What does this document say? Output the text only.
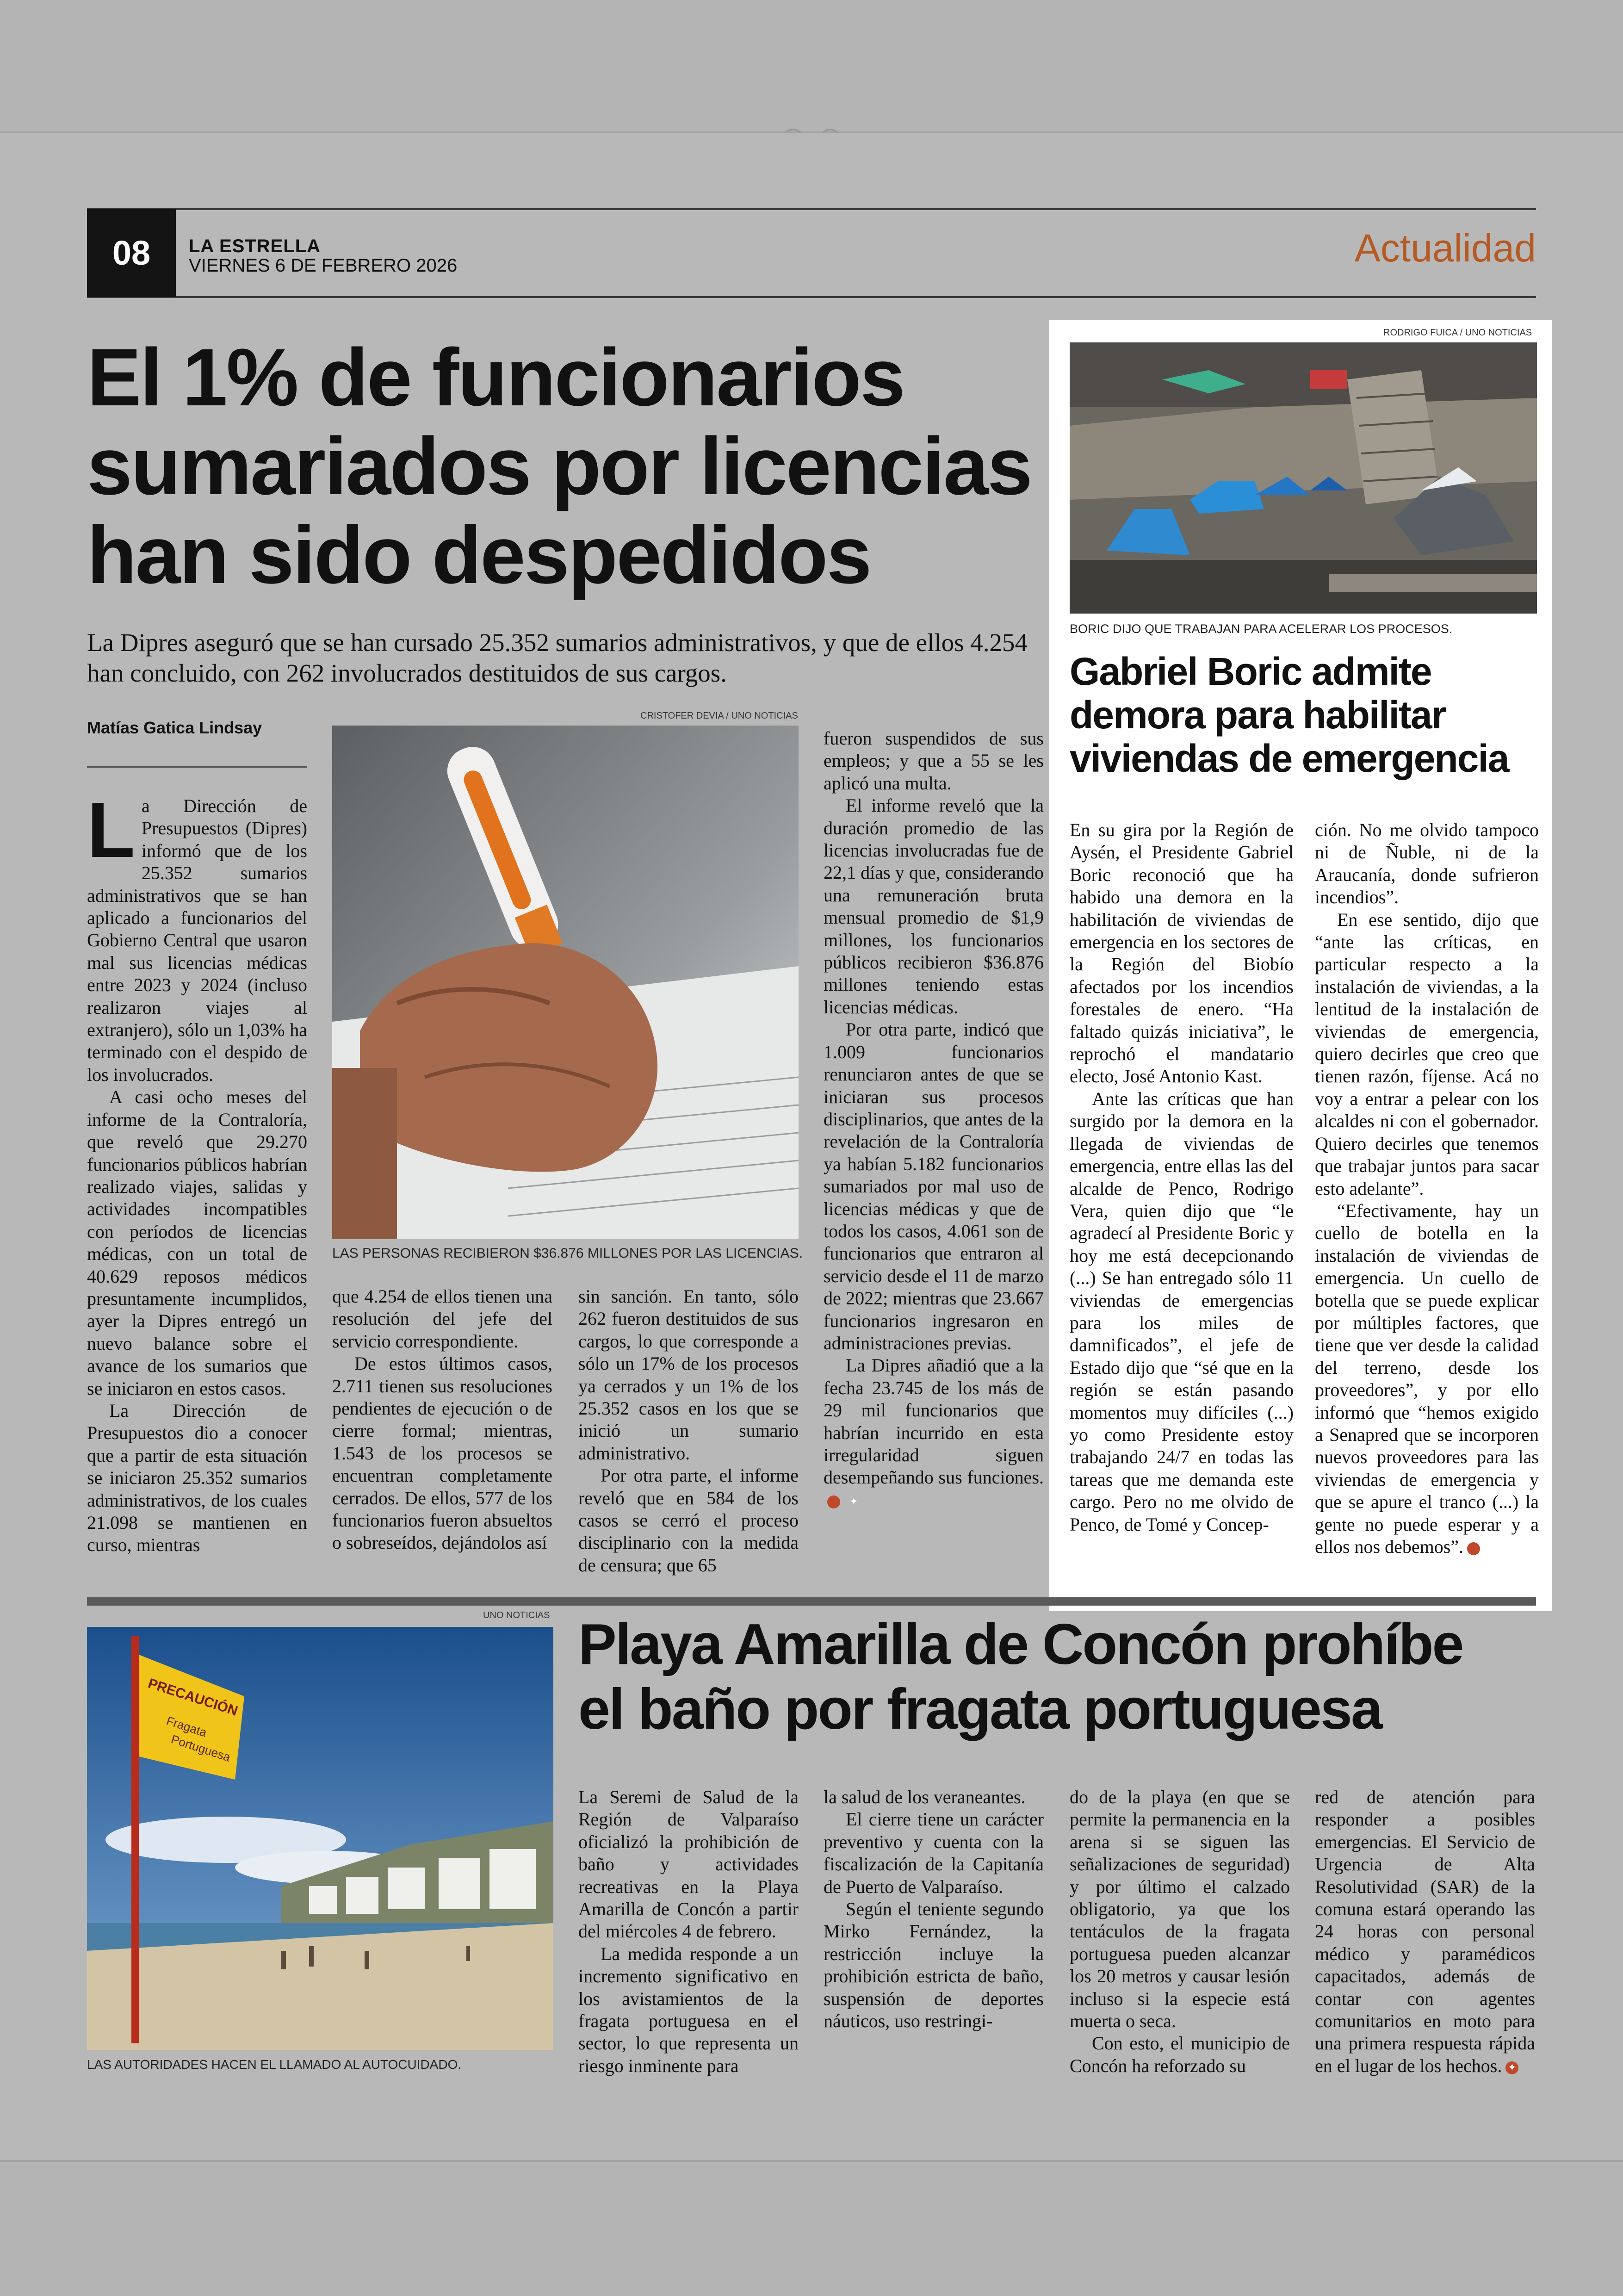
08	LA ESTRELLA
VIERNES 6 DE FEBRERO 2026	Actualidad
El 1% de funcionarios
sumariados por licencias
han sido despedidos
La Dipres aseguró que se han cursado 25.352 sumarios administrativos, y que de ellos 4.254 han concluido, con 262 involucrados destituidos de sus cargos.
Matías Gatica Lindsay
L a Dirección de Presupuestos (Dipres) informó que de los 25.352 sumarios administrativos que se han aplicado a funcionarios del Gobierno Central que usaron mal sus licencias médicas entre 2023 y 2024 (incluso realizaron viajes al extranjero), sólo un 1,03% ha terminado con el despido de los involucrados.

A casi ocho meses del informe de la Contraloría, que reveló que 29.270 funcionarios públicos habrían realizado viajes, salidas y actividades incompatibles con períodos de licencias médicas, con un total de 40.629 reposos médicos presuntamente incumplidos, ayer la Dipres entregó un nuevo balance sobre el avance de los sumarios que se iniciaron en estos casos.

La Dirección de Presupuestos dio a conocer que a partir de esta situación se iniciaron 25.352 sumarios administrativos, de los cuales 21.098 se mantienen en curso, mientras

CRISTOFER DEVIA / UNO NOTICIAS
LAS PERSONAS RECIBIERON $36.876 MILLONES POR LAS LICENCIAS.

que 4.254 de ellos tienen una resolución del jefe del servicio correspondiente.

De estos últimos casos, 2.711 tienen sus resoluciones pendientes de ejecución o de cierre formal; mientras, 1.543 de los procesos se encuentran completamente cerrados. De ellos, 577 de los funcionarios fueron absueltos o sobreseídos, dejándolos así

sin sanción. En tanto, sólo 262 fueron destituidos de sus cargos, lo que corresponde a sólo un 17% de los procesos ya cerrados y un 1% de los 25.352 casos en los que se inició un sumario administrativo.

Por otra parte, el informe reveló que en 584 de los casos se cerró el proceso disciplinario con la medida de censura; que 65

fueron suspendidos de sus empleos; y que a 55 se les aplicó una multa.

El informe reveló que la duración promedio de las licencias involucradas fue de 22,1 días y que, considerando una remuneración bruta mensual promedio de $1,9 millones, los funcionarios públicos recibieron $36.876 millones teniendo estas licencias médicas.

Por otra parte, indicó que 1.009 funcionarios renunciaron antes de que se iniciaran sus procesos disciplinarios, que antes de la revelación de la Contraloría ya habían 5.182 funcionarios sumariados por mal uso de licencias médicas y que de todos los casos, 4.061 son de funcionarios que entraron al servicio desde el 11 de marzo de 2022; mientras que 23.667 funcionarios ingresaron en administraciones previas.

La Dipres añadió que a la fecha 23.745 de los más de 29 mil funcionarios que habrían incurrido en esta irregularidad siguen desempeñando sus funciones.✦

RODRIGO FUICA / UNO NOTICIAS
BORIC DIJO QUE TRABAJAN PARA ACELERAR LOS PROCESOS.
Gabriel Boric admite
demora para habilitar
viviendas de emergencia

En su gira por la Región de Aysén, el Presidente Gabriel Boric reconoció que ha habido una demora en la habilitación de viviendas de emergencia en los sectores de la Región del Biobío afectados por los incendios forestales de enero. “Ha faltado quizás iniciativa”, le reprochó el mandatario electo, José Antonio Kast.

Ante las críticas que han surgido por la demora en la llegada de viviendas de emergencia, entre ellas las del alcalde de Penco, Rodrigo Vera, quien dijo que “le agradecí al Presidente Boric y hoy me está decepcionando (...) Se han entregado sólo 11 viviendas de emergencias para los miles de damnificados”, el jefe de Estado dijo que “sé que en la región se están pasando momentos muy difíciles (...) yo como Presidente estoy trabajando 24/7 en todas las tareas que me demanda este cargo. Pero no me olvido de Penco, de Tomé y Concep-

ción. No me olvido tampoco ni de Ñuble, ni de la Araucanía, donde sufrieron incendios”.

En ese sentido, dijo que “ante las críticas, en particular respecto a la instalación de viviendas, a la lentitud de la instalación de viviendas de emergencia, quiero decirles que creo que tienen razón, fíjense. Acá no voy a entrar a pelear con los alcaldes ni con el gobernador. Quiero decirles que tenemos que trabajar juntos para sacar esto adelante”.

“Efectivamente, hay un cuello de botella en la instalación de viviendas de emergencia. Un cuello de botella que se puede explicar por múltiples factores, que tiene que ver desde la calidad del terreno, desde los proveedores”, y por ello informó que “hemos exigido a Senapred que se incorporen nuevos proveedores para las viviendas de emergencia y que se apure el tranco (...) la gente no puede esperar y a ellos nos debemos”.	✦

UNO NOTICIAS
PRECAUCIÓN
Fragata
Portuguesa
LAS AUTORIDADES HACEN EL LLAMADO AL AUTOCUIDADO.
Playa Amarilla de Concón prohíbe
el baño por fragata portuguesa

La Seremi de Salud de la Región de Valparaíso oficializó la prohibición de baño y actividades recreativas en la Playa Amarilla de Concón a partir del miércoles 4 de febrero.

La medida responde a un incremento significativo en los avistamientos de la fragata portuguesa en el sector, lo que representa un riesgo inminente para

la salud de los veraneantes.

El cierre tiene un carácter preventivo y cuenta con la fiscalización de la Capitanía de Puerto de Valparaíso.

Según el teniente segundo Mirko Fernández, la restricción incluye la prohibición estricta de baño, suspensión de deportes náuticos, uso restringi-

do de la playa (en que se permite la permanencia en la arena si se siguen las señalizaciones de seguridad) y por último el calzado obligatorio, ya que los tentáculos de la fragata portuguesa pueden alcanzar los 20 metros y causar lesión incluso si la especie está muerta o seca.

Con esto, el municipio de Concón ha reforzado su

red de atención para responder a posibles emergencias. El Servicio de Urgencia de Alta Resolutividad (SAR) de la comuna estará operando las 24 horas con personal médico y paramédicos capacitados, además de contar con agentes comunitarios en moto para una primera respuesta rápida en el lugar de los hechos. ✦
